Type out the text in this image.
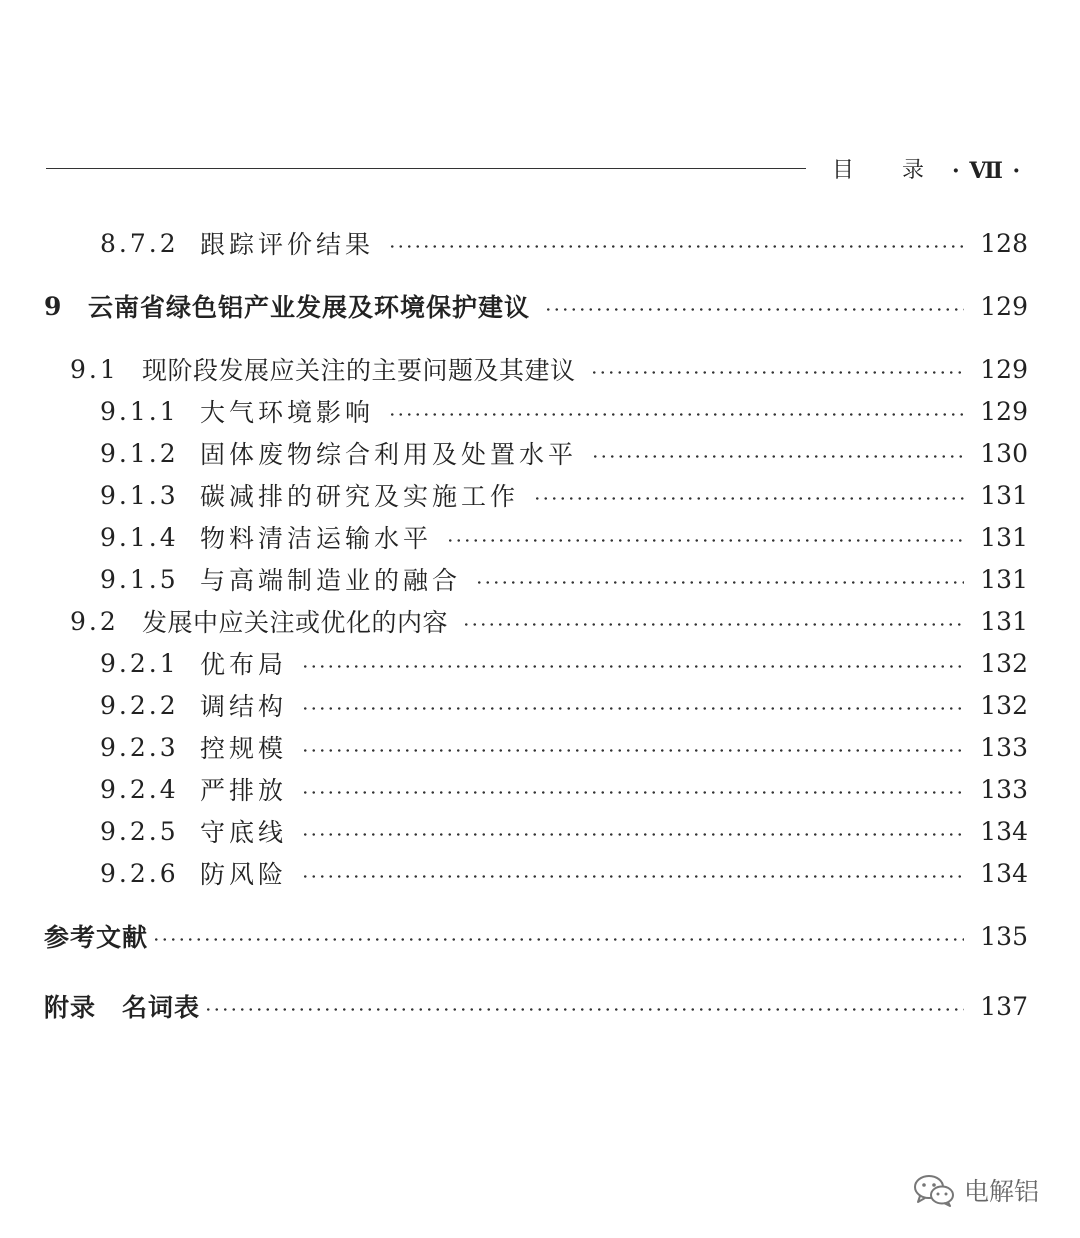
目 录 · Ⅶ ·
8.7.2 跟踪评价结果	128
9	云南省绿色铝产业发展及环境保护建议	129
9.1 现阶段发展应关注的主要问题及其建议	129
9.1.1 大气环境影响	129
9.1.2 固体废物综合利用及处置水平	130
9.1.3 碳减排的研究及实施工作	131
9.1.4 物料清洁运输水平	131
9.1.5 与高端制造业的融合	131
9.2 发展中应关注或优化的内容	131
9.2.1 优布局	132
9.2.2 调结构	132
9.2.3 控规模	133
9.2.4 严排放	133
9.2.5 守底线	134
9.2.6 防风险	134
参考文献	135
附录　名词表	137
电解铝
